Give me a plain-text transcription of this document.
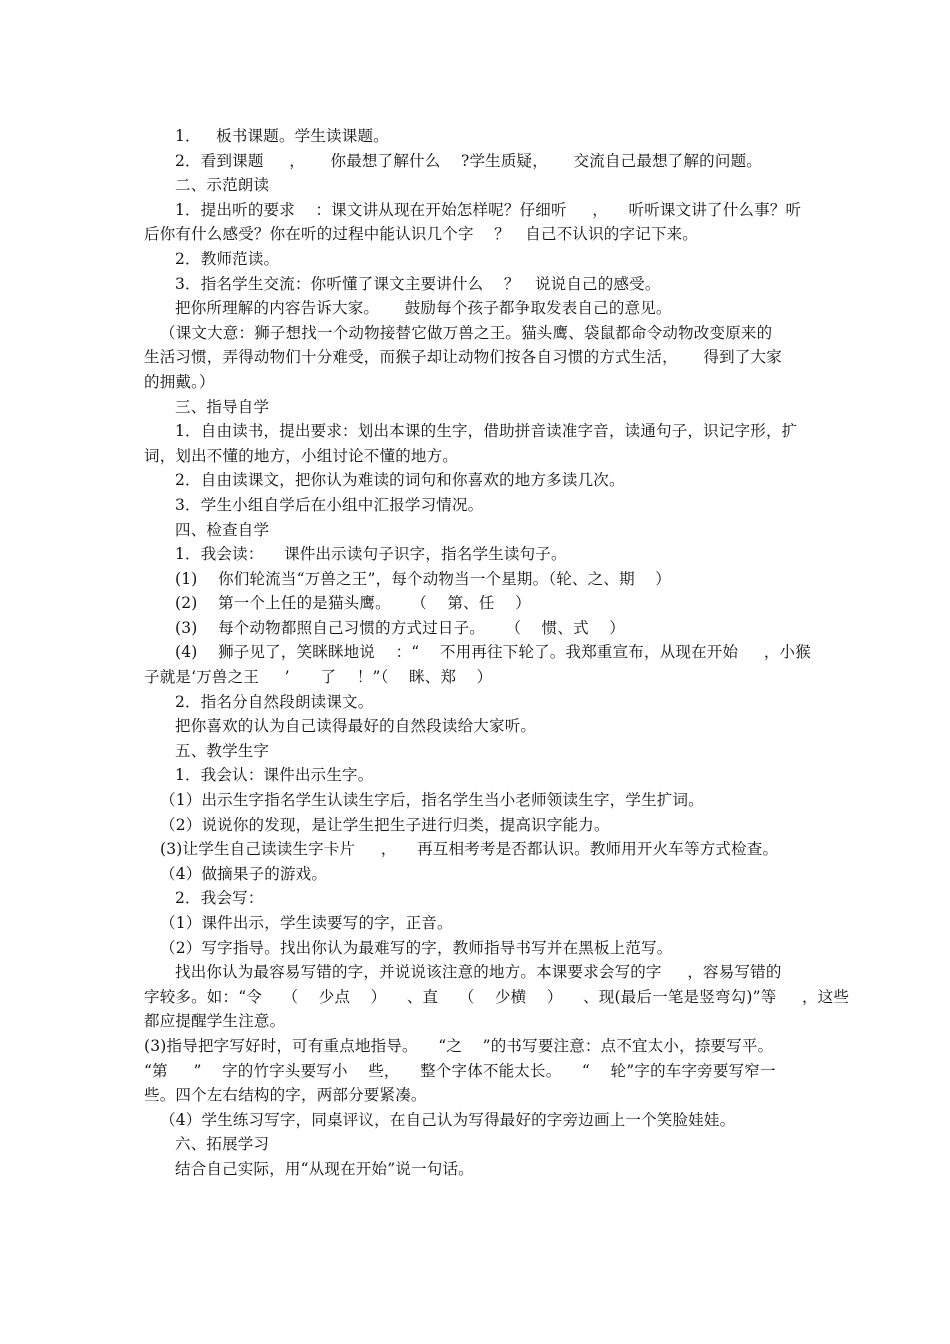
1．   板书课题。学生读课题。
2．看到课题     ，     你最想了解什么    ?学生质疑，     交流自己最想了解的问题。
二、示范朗读
1．提出听的要求    ：课文讲从现在开始怎样呢？仔细听     ，    听听课文讲了什么事？听
后你有什么感受？你在听的过程中能认识几个字    ？   自己不认识的字记下来。
2．教师范读。
3．指名学生交流：你听懂了课文主要讲什么    ？   说说自己的感受。
把你所理解的内容告诉大家。     鼓励每个孩子都争取发表自己的意见。
（课文大意：狮子想找一个动物接替它做万兽之王。猫头鹰、袋鼠都命令动物改变原来的
生活习惯，弄得动物们十分难受，而猴子却让动物们按各自习惯的方式生活，     得到了大家
的拥戴。）
三、指导自学
1．自由读书，提出要求：划出本课的生字，借助拼音读准字音，读通句子，识记字形，扩
词，划出不懂的地方，小组讨论不懂的地方。
2．自由读课文，把你认为难读的词句和你喜欢的地方多读几次。
3．学生小组自学后在小组中汇报学习情况。
四、检查自学
1．我会读：    课件出示读句子识字，指名学生读句子。
(1)    你们轮流当“万兽之王”，每个动物当一个星期。（轮、之、期    ）
(2)    第一个上任的是猫头鹰。    （    第、任    ）
(3)    每个动物都照自己习惯的方式过日子。    （    惯、式    ）
(4)    狮子见了，笑眯眯地说    ：“    不用再往下轮了。我郑重宣布，从现在开始     ，小猴
子就是‘万兽之王     ’      了    ！”（    眯、郑    ）
2．指名分自然段朗读课文。
把你喜欢的认为自己读得最好的自然段读给大家听。
五、教学生字
1．我会认：课件出示生字。
（1）出示生字指名学生认读生字后，指名学生当小老师领读生字，学生扩词。
（2）说说你的发现，是让学生把生子进行归类，提高识字能力。
(3)让学生自己读读生字卡片     ，    再互相考考是否都认识。教师用开火车等方式检查。
（4）做摘果子的游戏。
2．我会写：
（1）课件出示，学生读要写的字，正音。
（2）写字指导。找出你认为最难写的字，教师指导书写并在黑板上范写。
找出你认为最容易写错的字，并说说该注意的地方。本课要求会写的字     ，容易写错的
字较多。如：“令    （    少点    ）    、直    （    少横    ）    、现(最后一笔是竖弯勾)”等     ，这些
都应提醒学生注意。
(3)指导把字写好时，可有重点地指导。    “之    ”的书写要注意：点不宜太小，捺要写平。
“第     ”    字的竹字头要写小    些，    整个字体不能太长。    “    轮”字的车字旁要写窄一
些。四个左右结构的字，两部分要紧凑。
（4）学生练习写字，同桌评议，在自己认为写得最好的字旁边画上一个笑脸娃娃。
六、拓展学习
结合自己实际，用“从现在开始”说一句话。
